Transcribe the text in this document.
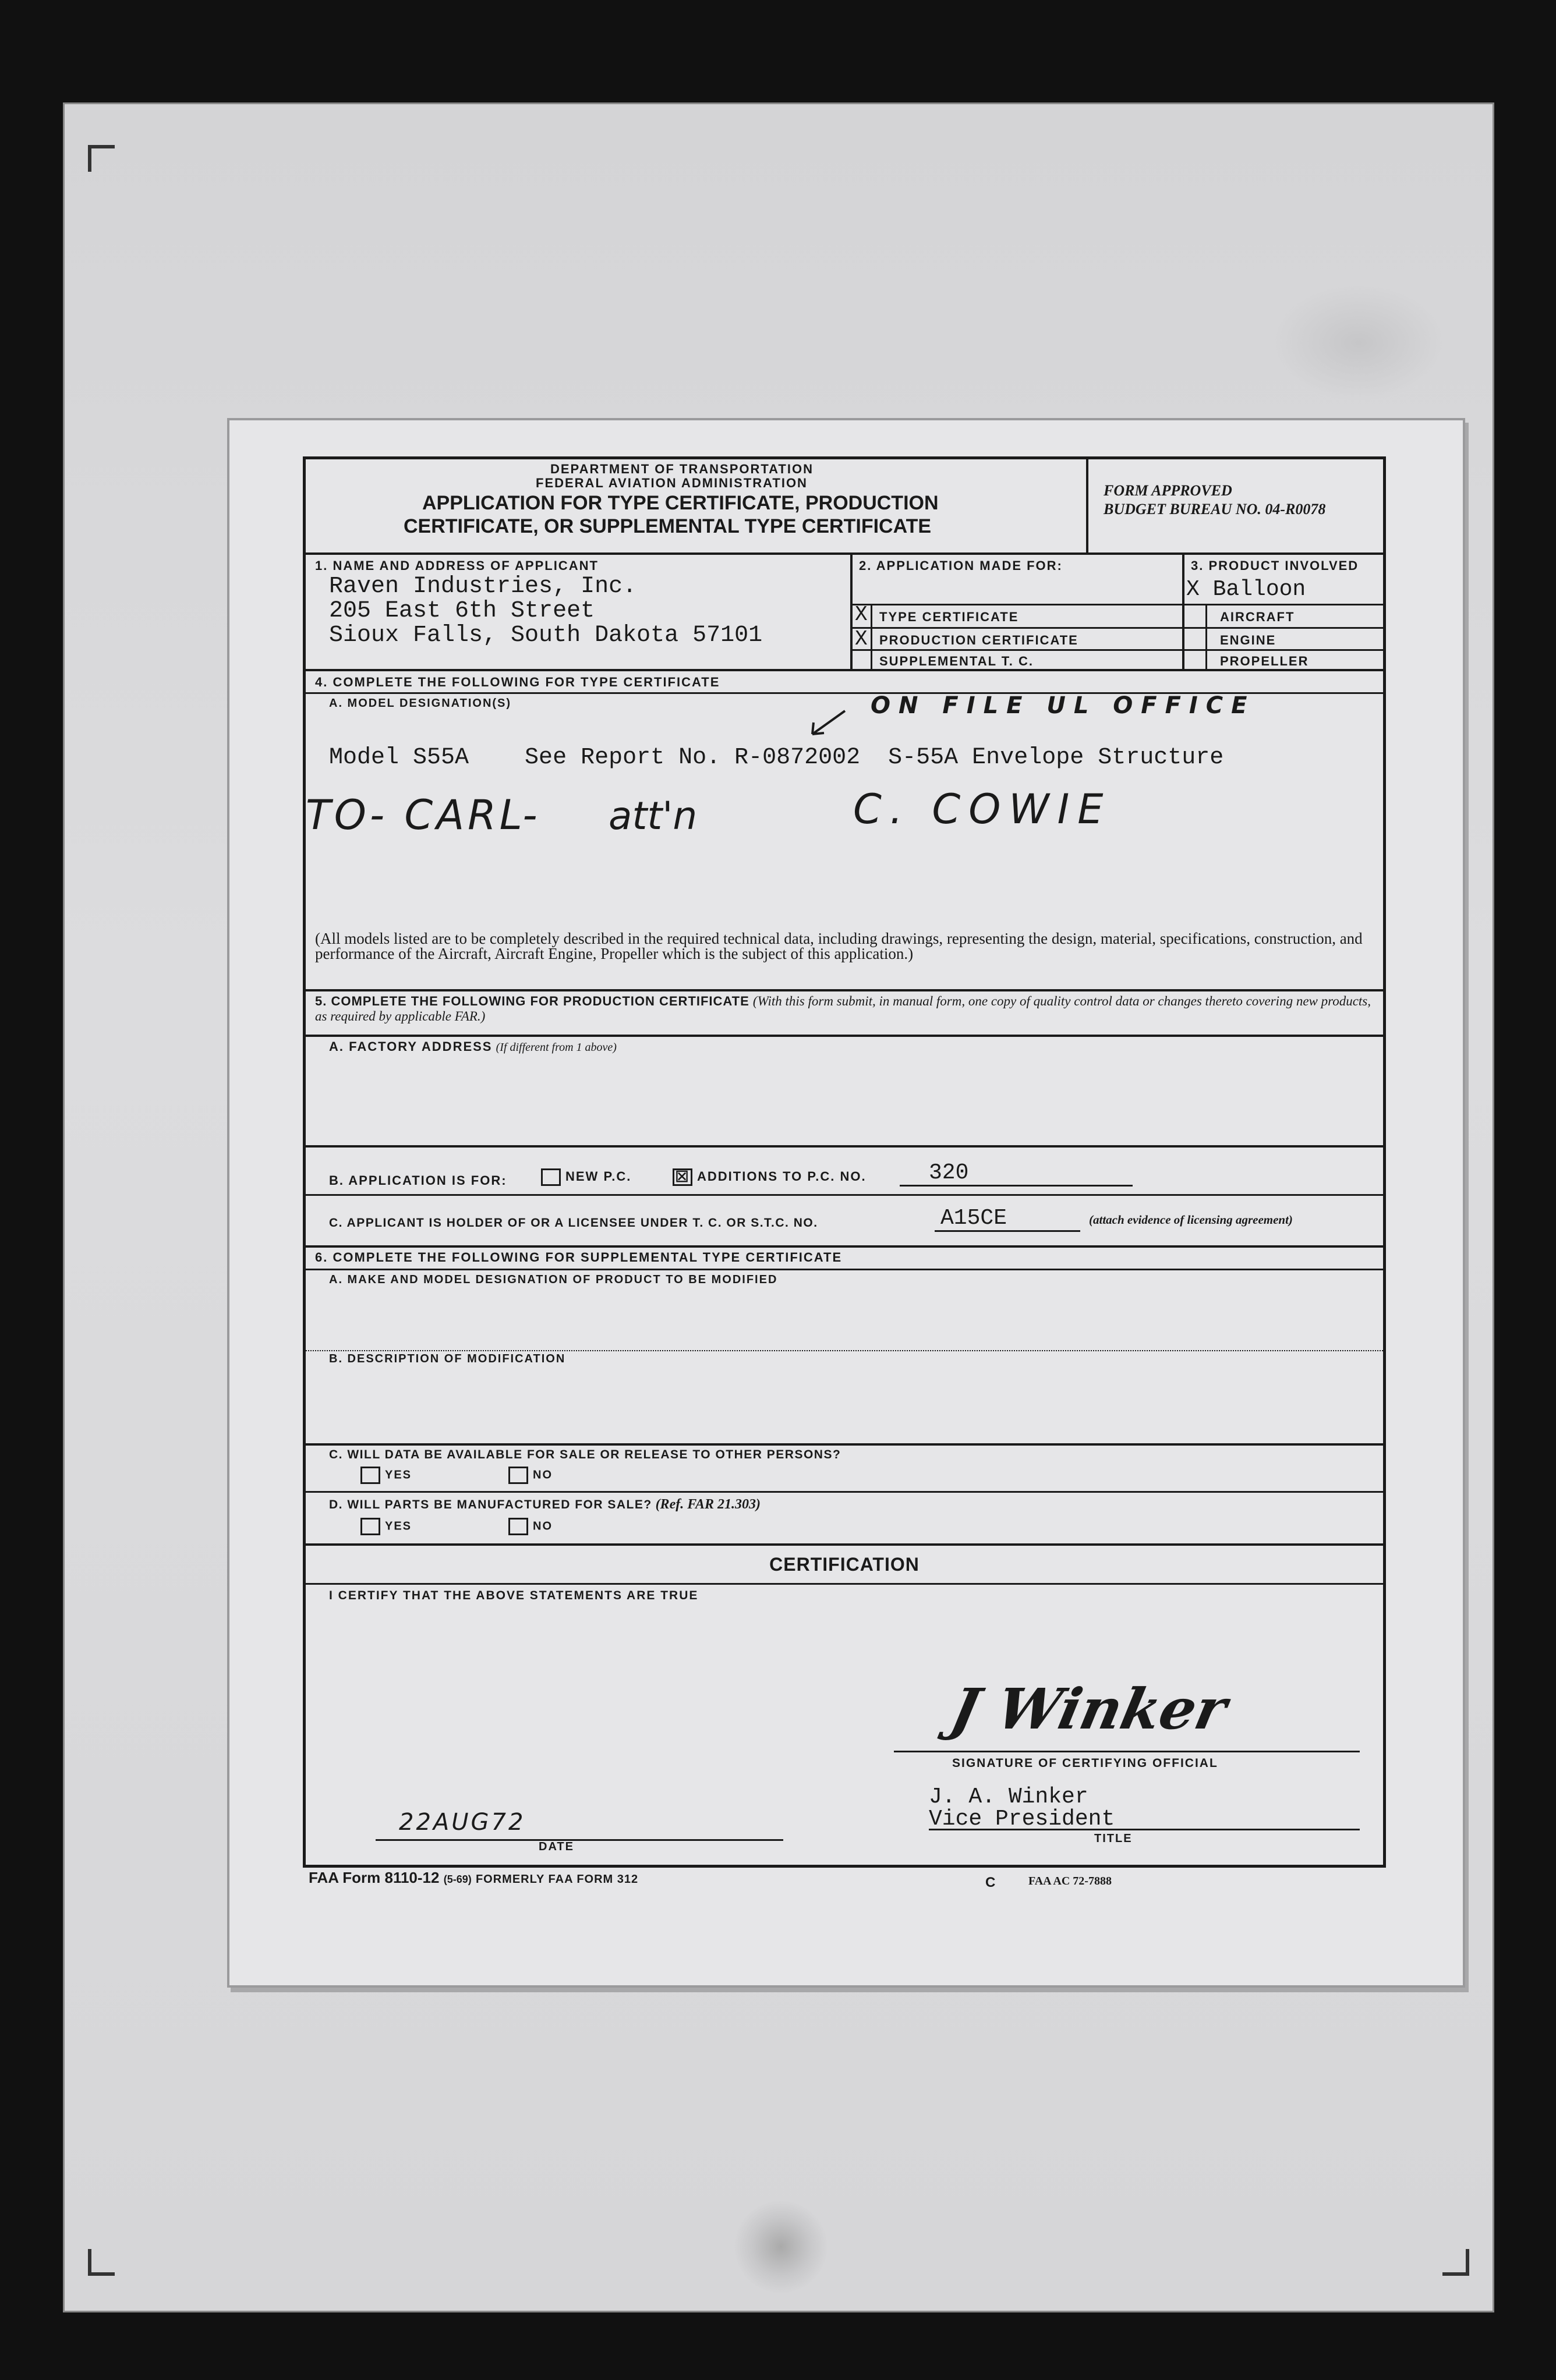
DEPARTMENT OF TRANSPORTATION
FEDERAL AVIATION ADMINISTRATION
APPLICATION FOR TYPE CERTIFICATE, PRODUCTION
CERTIFICATE, OR SUPPLEMENTAL TYPE CERTIFICATE
FORM APPROVED
BUDGET BUREAU NO. 04-R0078
1. NAME AND ADDRESS OF APPLICANT
Raven Industries, Inc.
205 East 6th Street
Sioux Falls, South Dakota 57101
2. APPLICATION MADE FOR:
X TYPE CERTIFICATE
X PRODUCTION CERTIFICATE
SUPPLEMENTAL T. C.
3. PRODUCT INVOLVED
X Balloon
AIRCRAFT
ENGINE
PROPELLER
4. COMPLETE THE FOLLOWING FOR TYPE CERTIFICATE
A. MODEL DESIGNATION(S)	ON FILE UL OFFICE
Model S55A    See Report No. R-0872002  S-55A Envelope Structure
TO- CARL- att'n	C. COWIE
(All models listed are to be completely described in the required technical data, including drawings, representing the design, material, specifications, construction, and performance of the Aircraft, Aircraft Engine, Propeller which is the subject of this application.)
5. COMPLETE THE FOLLOWING FOR PRODUCTION CERTIFICATE (With this form submit, in manual form, one copy of quality control data or changes thereto covering new products, as required by applicable FAR.)
A. FACTORY ADDRESS (If different from 1 above)
B. APPLICATION IS FOR:	NEW P.C.	☒ ADDITIONS TO P.C. NO.	320
C. APPLICANT IS HOLDER OF OR A LICENSEE UNDER T. C. OR S.T.C. NO.	A15CE	(attach evidence of licensing agreement)
6. COMPLETE THE FOLLOWING FOR SUPPLEMENTAL TYPE CERTIFICATE
A. MAKE AND MODEL DESIGNATION OF PRODUCT TO BE MODIFIED
B. DESCRIPTION OF MODIFICATION
C. WILL DATA BE AVAILABLE FOR SALE OR RELEASE TO OTHER PERSONS?
YES	NO
D. WILL PARTS BE MANUFACTURED FOR SALE? (Ref. FAR 21.303)
YES	NO
CERTIFICATION
I CERTIFY THAT THE ABOVE STATEMENTS ARE TRUE
J Winker
SIGNATURE OF CERTIFYING OFFICIAL
J. A. Winker
Vice President
TITLE
22AUG72
DATE
FAA Form 8110-12 (5-69) FORMERLY FAA FORM 312	C	FAA AC 72-7888
